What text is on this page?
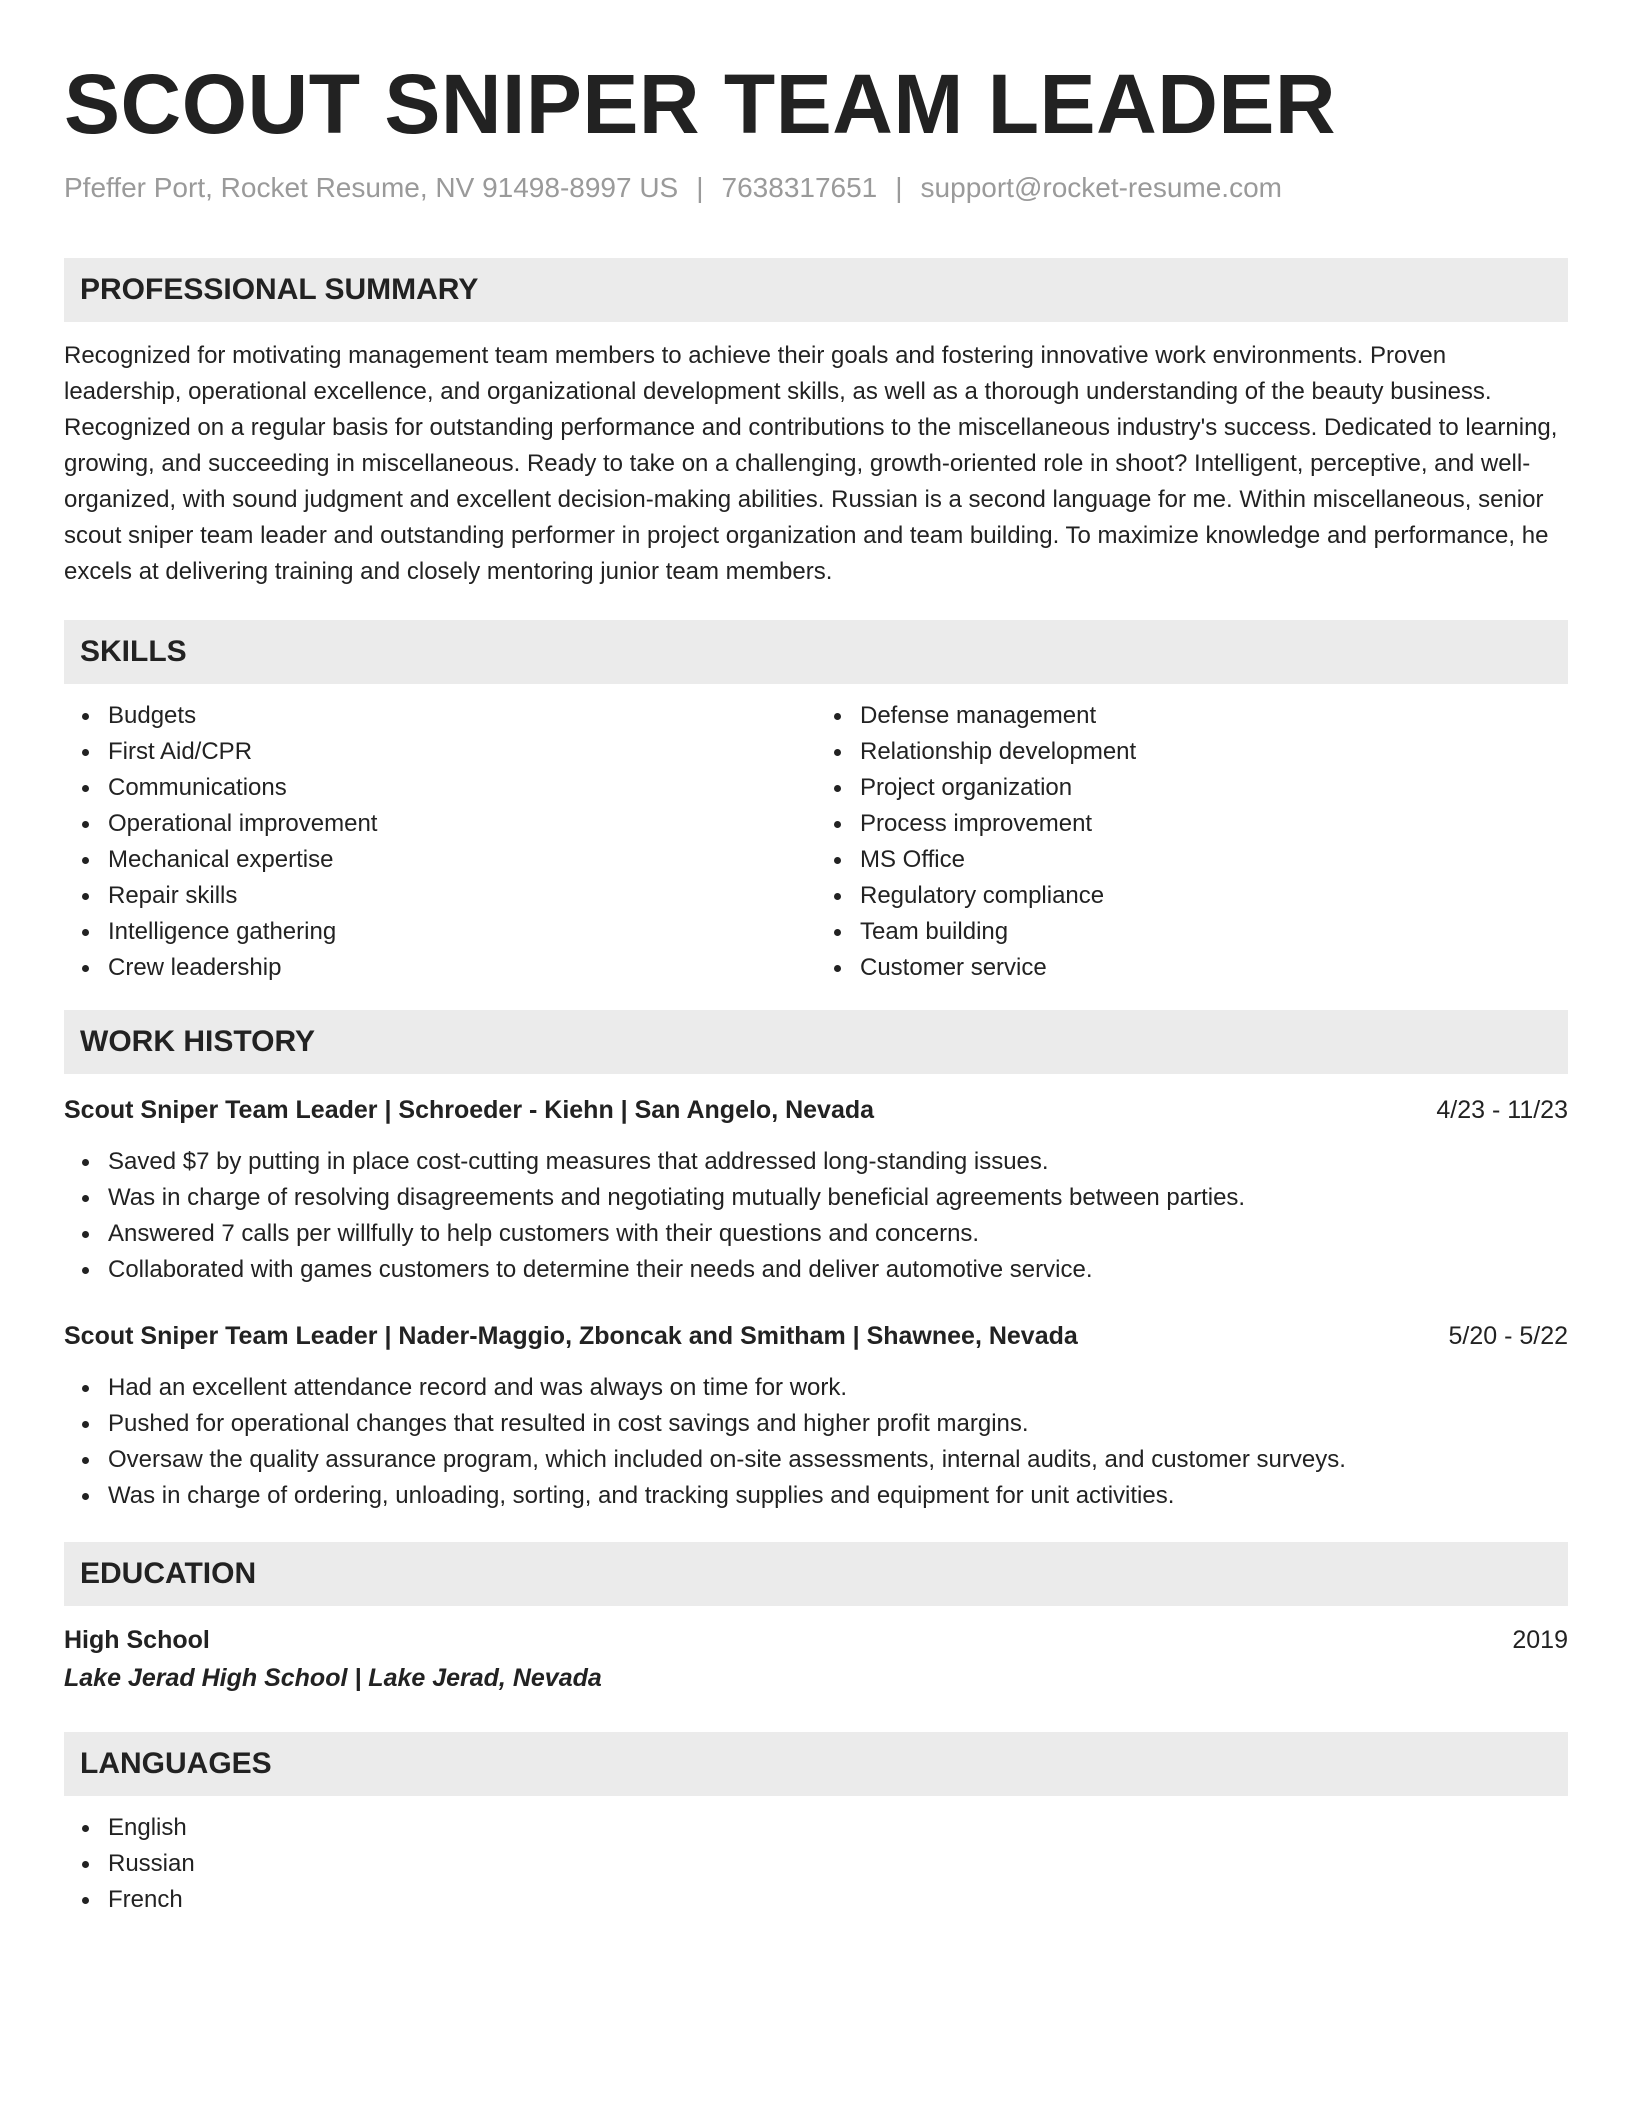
SCOUT SNIPER TEAM LEADER
Pfeffer Port, Rocket Resume, NV 91498-8997 US | 7638317651 | support@rocket-resume.com
PROFESSIONAL SUMMARY
Recognized for motivating management team members to achieve their goals and fostering innovative work environments. Proven leadership, operational excellence, and organizational development skills, as well as a thorough understanding of the beauty business. Recognized on a regular basis for outstanding performance and contributions to the miscellaneous industry's success. Dedicated to learning, growing, and succeeding in miscellaneous. Ready to take on a challenging, growth-oriented role in shoot? Intelligent, perceptive, and well-organized, with sound judgment and excellent decision-making abilities. Russian is a second language for me. Within miscellaneous, senior scout sniper team leader and outstanding performer in project organization and team building. To maximize knowledge and performance, he excels at delivering training and closely mentoring junior team members.
SKILLS
Budgets
First Aid/CPR
Communications
Operational improvement
Mechanical expertise
Repair skills
Intelligence gathering
Crew leadership
Defense management
Relationship development
Project organization
Process improvement
MS Office
Regulatory compliance
Team building
Customer service
WORK HISTORY
Scout Sniper Team Leader | Schroeder - Kiehn | San Angelo, Nevada	4/23 - 11/23
Saved $7 by putting in place cost-cutting measures that addressed long-standing issues.
Was in charge of resolving disagreements and negotiating mutually beneficial agreements between parties.
Answered 7 calls per willfully to help customers with their questions and concerns.
Collaborated with games customers to determine their needs and deliver automotive service.
Scout Sniper Team Leader | Nader-Maggio, Zboncak and Smitham | Shawnee, Nevada	5/20 - 5/22
Had an excellent attendance record and was always on time for work.
Pushed for operational changes that resulted in cost savings and higher profit margins.
Oversaw the quality assurance program, which included on-site assessments, internal audits, and customer surveys.
Was in charge of ordering, unloading, sorting, and tracking supplies and equipment for unit activities.
EDUCATION
High School	2019
Lake Jerad High School | Lake Jerad, Nevada
LANGUAGES
English
Russian
French
